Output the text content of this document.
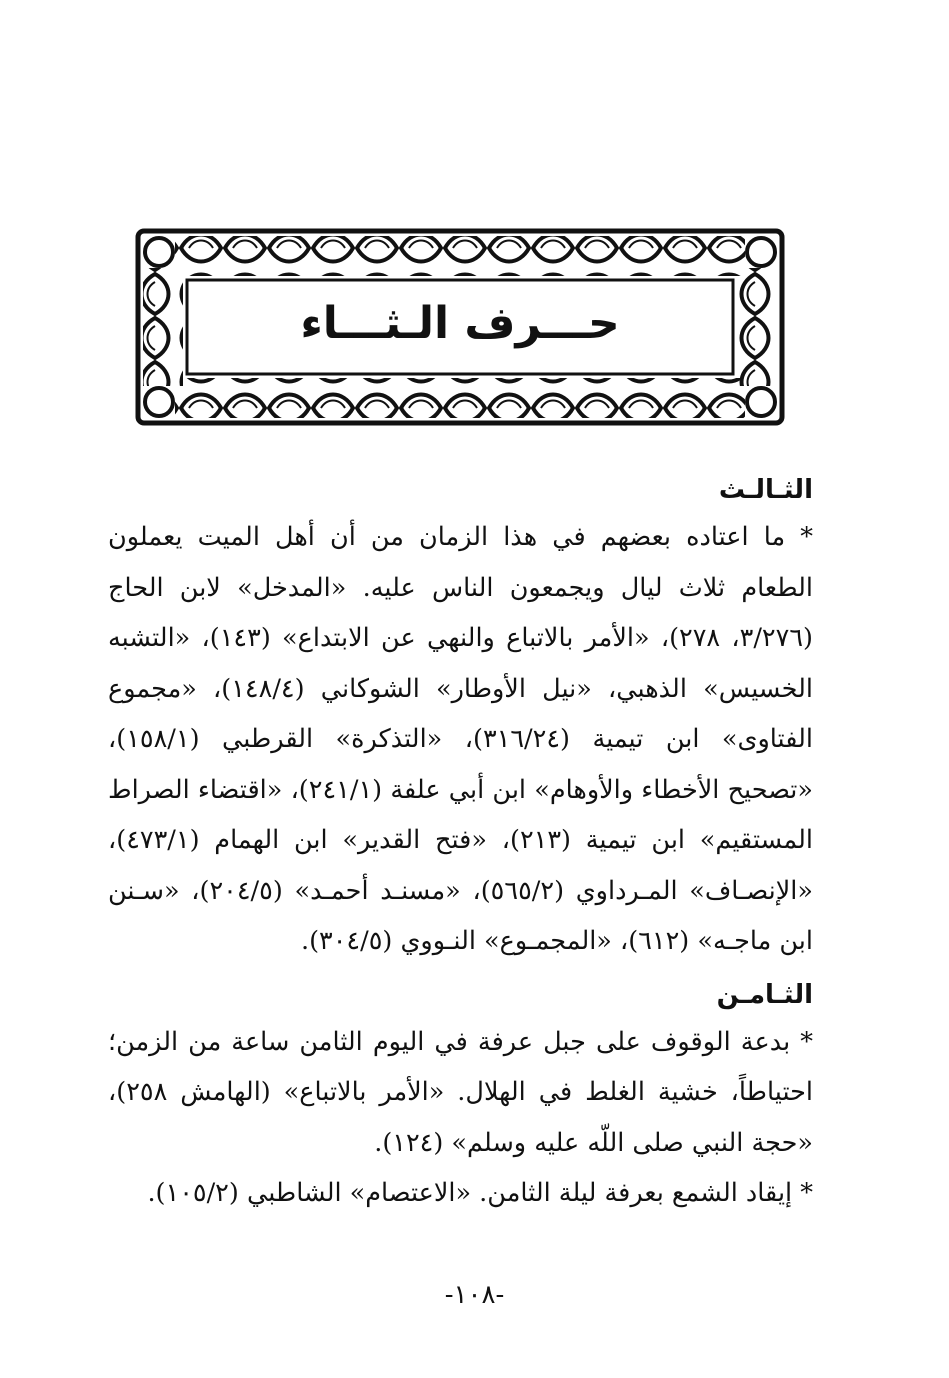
حـــرف الـثـــاء
الثـالـث

* ما اعتاده بعضهم في هذا الزمان من أن أهل الميت يعملون الطعام ثلاث ليال ويجمعون الناس عليه. «المدخل» لابن الحاج (٣/٢٧٦، ٢٧٨)، «الأمر بالاتباع والنهي عن الابتداع» (١٤٣)، «التشبه الخسيس» الذهبي، «نيل الأوطار» الشوكاني (١٤٨/٤)، «مجموع الفتاوى» ابن تيمية (٣١٦/٢٤)، «التذكرة» القرطبي (١٥٨/١)، «تصحيح الأخطاء والأوهام» ابن أبي علفة (٢٤١/١)، «اقتضاء الصراط المستقيم» ابن تيمية (٢١٣)، «فتح القدير» ابن الهمام (٤٧٣/١)، «الإنصـاف» المـرداوي (٥٦٥/٢)، «مسنـد أحمـد» (٢٠٤/٥)، «سـنن ابن ماجـه» (٦١٢)، «المجمـوع» النـووي (٣٠٤/٥).

الثـامـن

* بدعة الوقوف على جبل عرفة في اليوم الثامن ساعة من الزمن؛ احتياطاً، خشية الغلط في الهلال. «الأمر بالاتباع» (الهامش ٢٥٨)، «حجة النبي صلى اللّه عليه وسلم» (١٢٤).

* إيقاد الشمع بعرفة ليلة الثامن. «الاعتصام» الشاطبي (١٠٥/٢).

-١٠٨-
